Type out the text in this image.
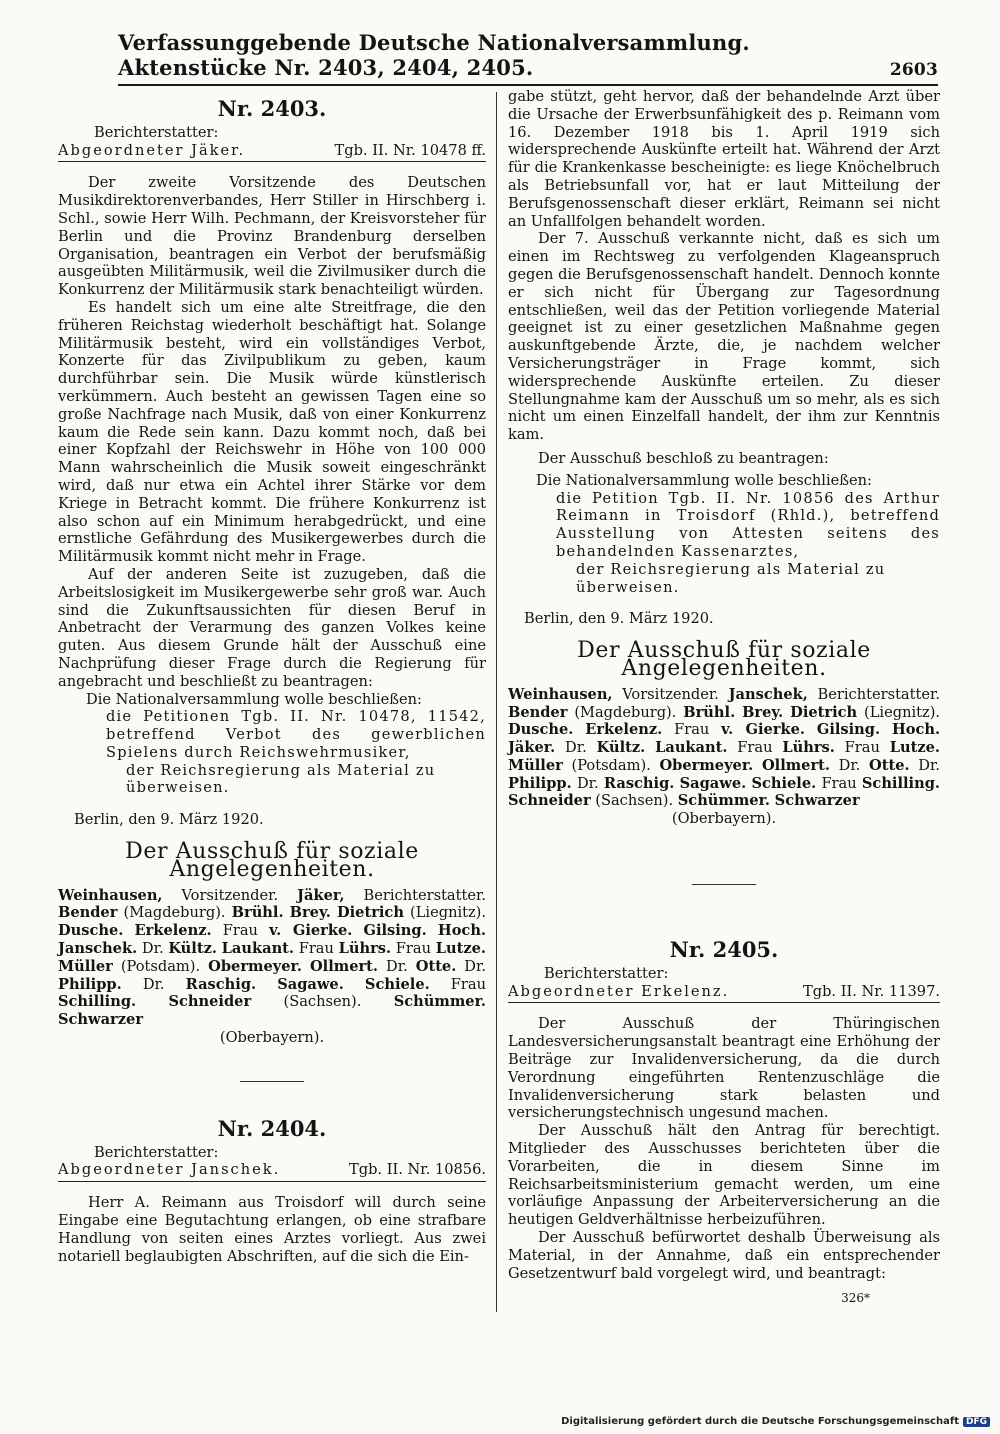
Verfassunggebende Deutsche Nationalversammlung. Aktenstücke Nr. 2403, 2404, 2405.	2603
Nr. 2403.
Berichterstatter:
Abgeordneter Jäker.	Tgb. II. Nr. 10478 ff.

Der zweite Vorsitzende des Deutschen Musikdirektorenverbandes, Herr Stiller in Hirschberg i. Schl., sowie Herr Wilh. Pechmann, der Kreisvorsteher für Berlin und die Provinz Brandenburg derselben Organisation, beantragen ein Verbot der berufsmäßig ausgeübten Militärmusik, weil die Zivilmusiker durch die Konkurrenz der Militärmusik stark benachteiligt würden.

Es handelt sich um eine alte Streitfrage, die den früheren Reichstag wiederholt beschäftigt hat. Solange Militärmusik besteht, wird ein vollständiges Verbot, Konzerte für das Zivilpublikum zu geben, kaum durchführbar sein. Die Musik würde künstlerisch verkümmern. Auch besteht an gewissen Tagen eine so große Nachfrage nach Musik, daß von einer Konkurrenz kaum die Rede sein kann. Dazu kommt noch, daß bei einer Kopfzahl der Reichswehr in Höhe von 100 000 Mann wahrscheinlich die Musik soweit eingeschränkt wird, daß nur etwa ein Achtel ihrer Stärke vor dem Kriege in Betracht kommt. Die frühere Konkurrenz ist also schon auf ein Minimum herabgedrückt, und eine ernstliche Gefährdung des Musikergewerbes durch die Militärmusik kommt nicht mehr in Frage.

Auf der anderen Seite ist zuzugeben, daß die Arbeitslosigkeit im Musikergewerbe sehr groß war. Auch sind die Zukunftsaussichten für diesen Beruf in Anbetracht der Verarmung des ganzen Volkes keine guten. Aus diesem Grunde hält der Ausschuß eine Nachprüfung dieser Frage durch die Regierung für angebracht und beschließt zu beantragen:

Die Nationalversammlung wolle beschließen:
die Petitionen Tgb. II. Nr. 10478, 11542, betreffend Verbot des gewerblichen Spielens durch Reichswehrmusiker,
der Reichsregierung als Material zu überweisen.
Berlin, den 9. März 1920.
Der Ausschuß für soziale Angelegenheiten.

Weinhausen, Vorsitzender. Jäker, Berichterstatter. Bender (Magdeburg). Brühl. Brey. Dietrich (Liegnitz). Dusche. Erkelenz. Frau v. Gierke. Gilsing. Hoch. Janschek. Dr. Kültz. Laukant. Frau Lührs. Frau Lutze. Müller (Potsdam). Obermeyer. Ollmert. Dr. Otte. Dr. Philipp. Dr. Raschig. Sagawe. Schiele. Frau Schilling. Schneider (Sachsen). Schümmer. Schwarzer

(Oberbayern).
Nr. 2404.
Berichterstatter:
Abgeordneter Janschek.	Tgb. II. Nr. 10856.

Herr A. Reimann aus Troisdorf will durch seine Eingabe eine Begutachtung erlangen, ob eine strafbare Handlung von seiten eines Arztes vorliegt. Aus zwei notariell beglaubigten Abschriften, auf die sich die Ein-

gabe stützt, geht hervor, daß der behandelnde Arzt über die Ursache der Erwerbsunfähigkeit des p. Reimann vom 16. Dezember 1918 bis 1. April 1919 sich widersprechende Auskünfte erteilt hat. Während der Arzt für die Krankenkasse bescheinigte: es liege Knöchelbruch als Betriebsunfall vor, hat er laut Mitteilung der Berufsgenossenschaft dieser erklärt, Reimann sei nicht an Unfallfolgen behandelt worden.

Der 7. Ausschuß verkannte nicht, daß es sich um einen im Rechtsweg zu verfolgenden Klageanspruch gegen die Berufsgenossenschaft handelt. Dennoch konnte er sich nicht für Übergang zur Tagesordnung entschließen, weil das der Petition vorliegende Material geeignet ist zu einer gesetzlichen Maßnahme gegen auskunftgebende Ärzte, die, je nachdem welcher Versicherungsträger in Frage kommt, sich widersprechende Auskünfte erteilen. Zu dieser Stellungnahme kam der Ausschuß um so mehr, als es sich nicht um einen Einzelfall handelt, der ihm zur Kenntnis kam.

Der Ausschuß beschloß zu beantragen:

Die Nationalversammlung wolle beschließen:
die Petition Tgb. II. Nr. 10856 des Arthur Reimann in Troisdorf (Rhld.), betreffend Ausstellung von Attesten seitens des behandelnden Kassenarztes,
der Reichsregierung als Material zu überweisen.
Berlin, den 9. März 1920.
Der Ausschuß für soziale Angelegenheiten.

Weinhausen, Vorsitzender. Janschek, Berichterstatter. Bender (Magdeburg). Brühl. Brey. Dietrich (Liegnitz). Dusche. Erkelenz. Frau v. Gierke. Gilsing. Hoch. Jäker. Dr. Kültz. Laukant. Frau Lührs. Frau Lutze. Müller (Potsdam). Obermeyer. Ollmert. Dr. Otte. Dr. Philipp. Dr. Raschig. Sagawe. Schiele. Frau Schilling. Schneider (Sachsen). Schümmer. Schwarzer

(Oberbayern).
Nr. 2405.
Berichterstatter:
Abgeordneter Erkelenz.	Tgb. II. Nr. 11397.

Der Ausschuß der Thüringischen Landesversicherungsanstalt beantragt eine Erhöhung der Beiträge zur Invalidenversicherung, da die durch Verordnung eingeführten Rentenzuschläge die Invalidenversicherung stark belasten und versicherungstechnisch ungesund machen.

Der Ausschuß hält den Antrag für berechtigt. Mitglieder des Ausschusses berichteten über die Vorarbeiten, die in diesem Sinne im Reichsarbeitsministerium gemacht werden, um eine vorläufige Anpassung der Arbeiterversicherung an die heutigen Geldverhältnisse herbeizuführen.

Der Ausschuß befürwortet deshalb Überweisung als Material, in der Annahme, daß ein entsprechender Gesetzentwurf bald vorgelegt wird, und beantragt:

326*
Digitalisierung gefördert durch die Deutsche Forschungsgemeinschaft DFG
